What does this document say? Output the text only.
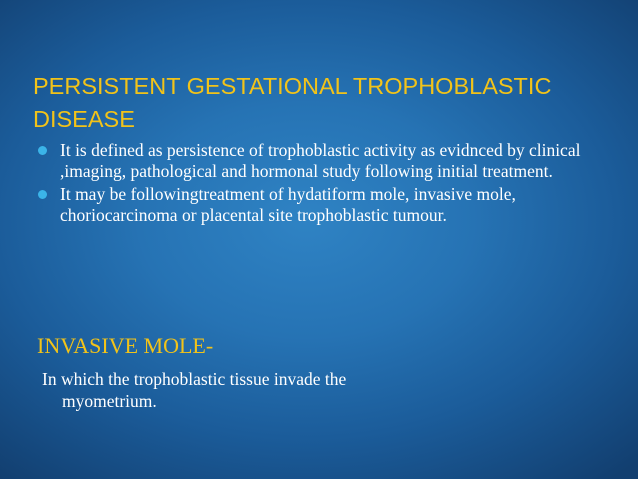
PERSISTENT GESTATIONAL TROPHOBLASTIC DISEASE
It is defined as persistence of trophoblastic activity as evidnced by clinical ,imaging, pathological and hormonal study following initial treatment.
It may be followingtreatment of hydatiform mole, invasive mole, choriocarcinoma or placental site trophoblastic tumour.
INVASIVE MOLE-

In which the trophoblastic tissue invade the
myometrium.
